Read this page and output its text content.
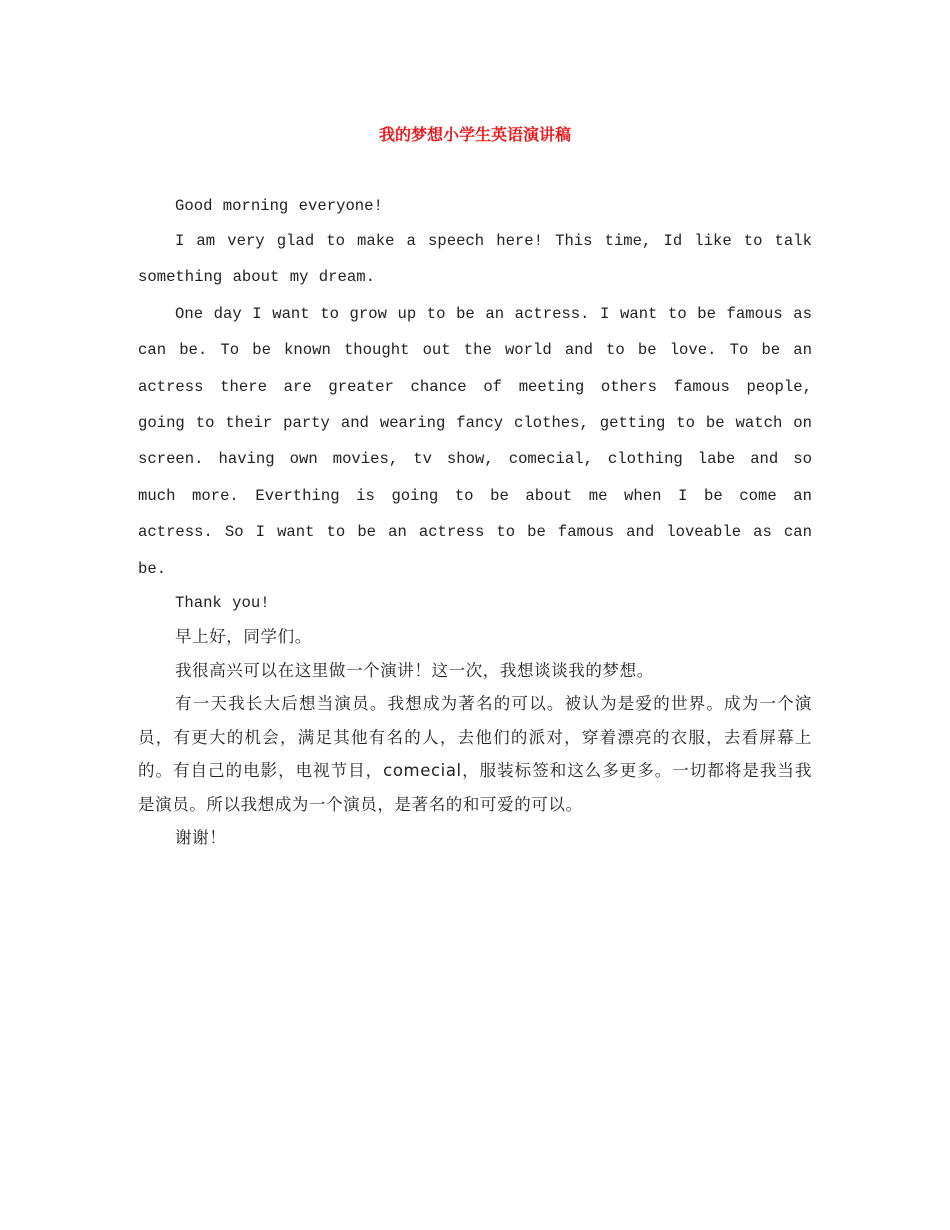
我的梦想小学生英语演讲稿

Good morning everyone!

I am very glad to make a speech here! This time, Id like to talk something about my dream.

One day I want to grow up to be an actress. I want to be famous as can be. To be known thought out the world and to be love. To be an actress there are greater chance of meeting others famous people, going to their party and wearing fancy clothes, getting to be watch on screen. having own movies, tv show, comecial, clothing labe and so much more. Everthing is going to be about me when I be come an actress. So I want to be an actress to be famous and loveable as can be.

Thank you!

早上好，同学们。

我很高兴可以在这里做一个演讲！这一次，我想谈谈我的梦想。

有一天我长大后想当演员。我想成为著名的可以。被认为是爱的世界。成为一个演员，有更大的机会，满足其他有名的人，去他们的派对，穿着漂亮的衣服，去看屏幕上的。有自己的电影，电视节目，comecial，服装标签和这么多更多。一切都将是我当我是演员。所以我想成为一个演员，是著名的和可爱的可以。

谢谢！
